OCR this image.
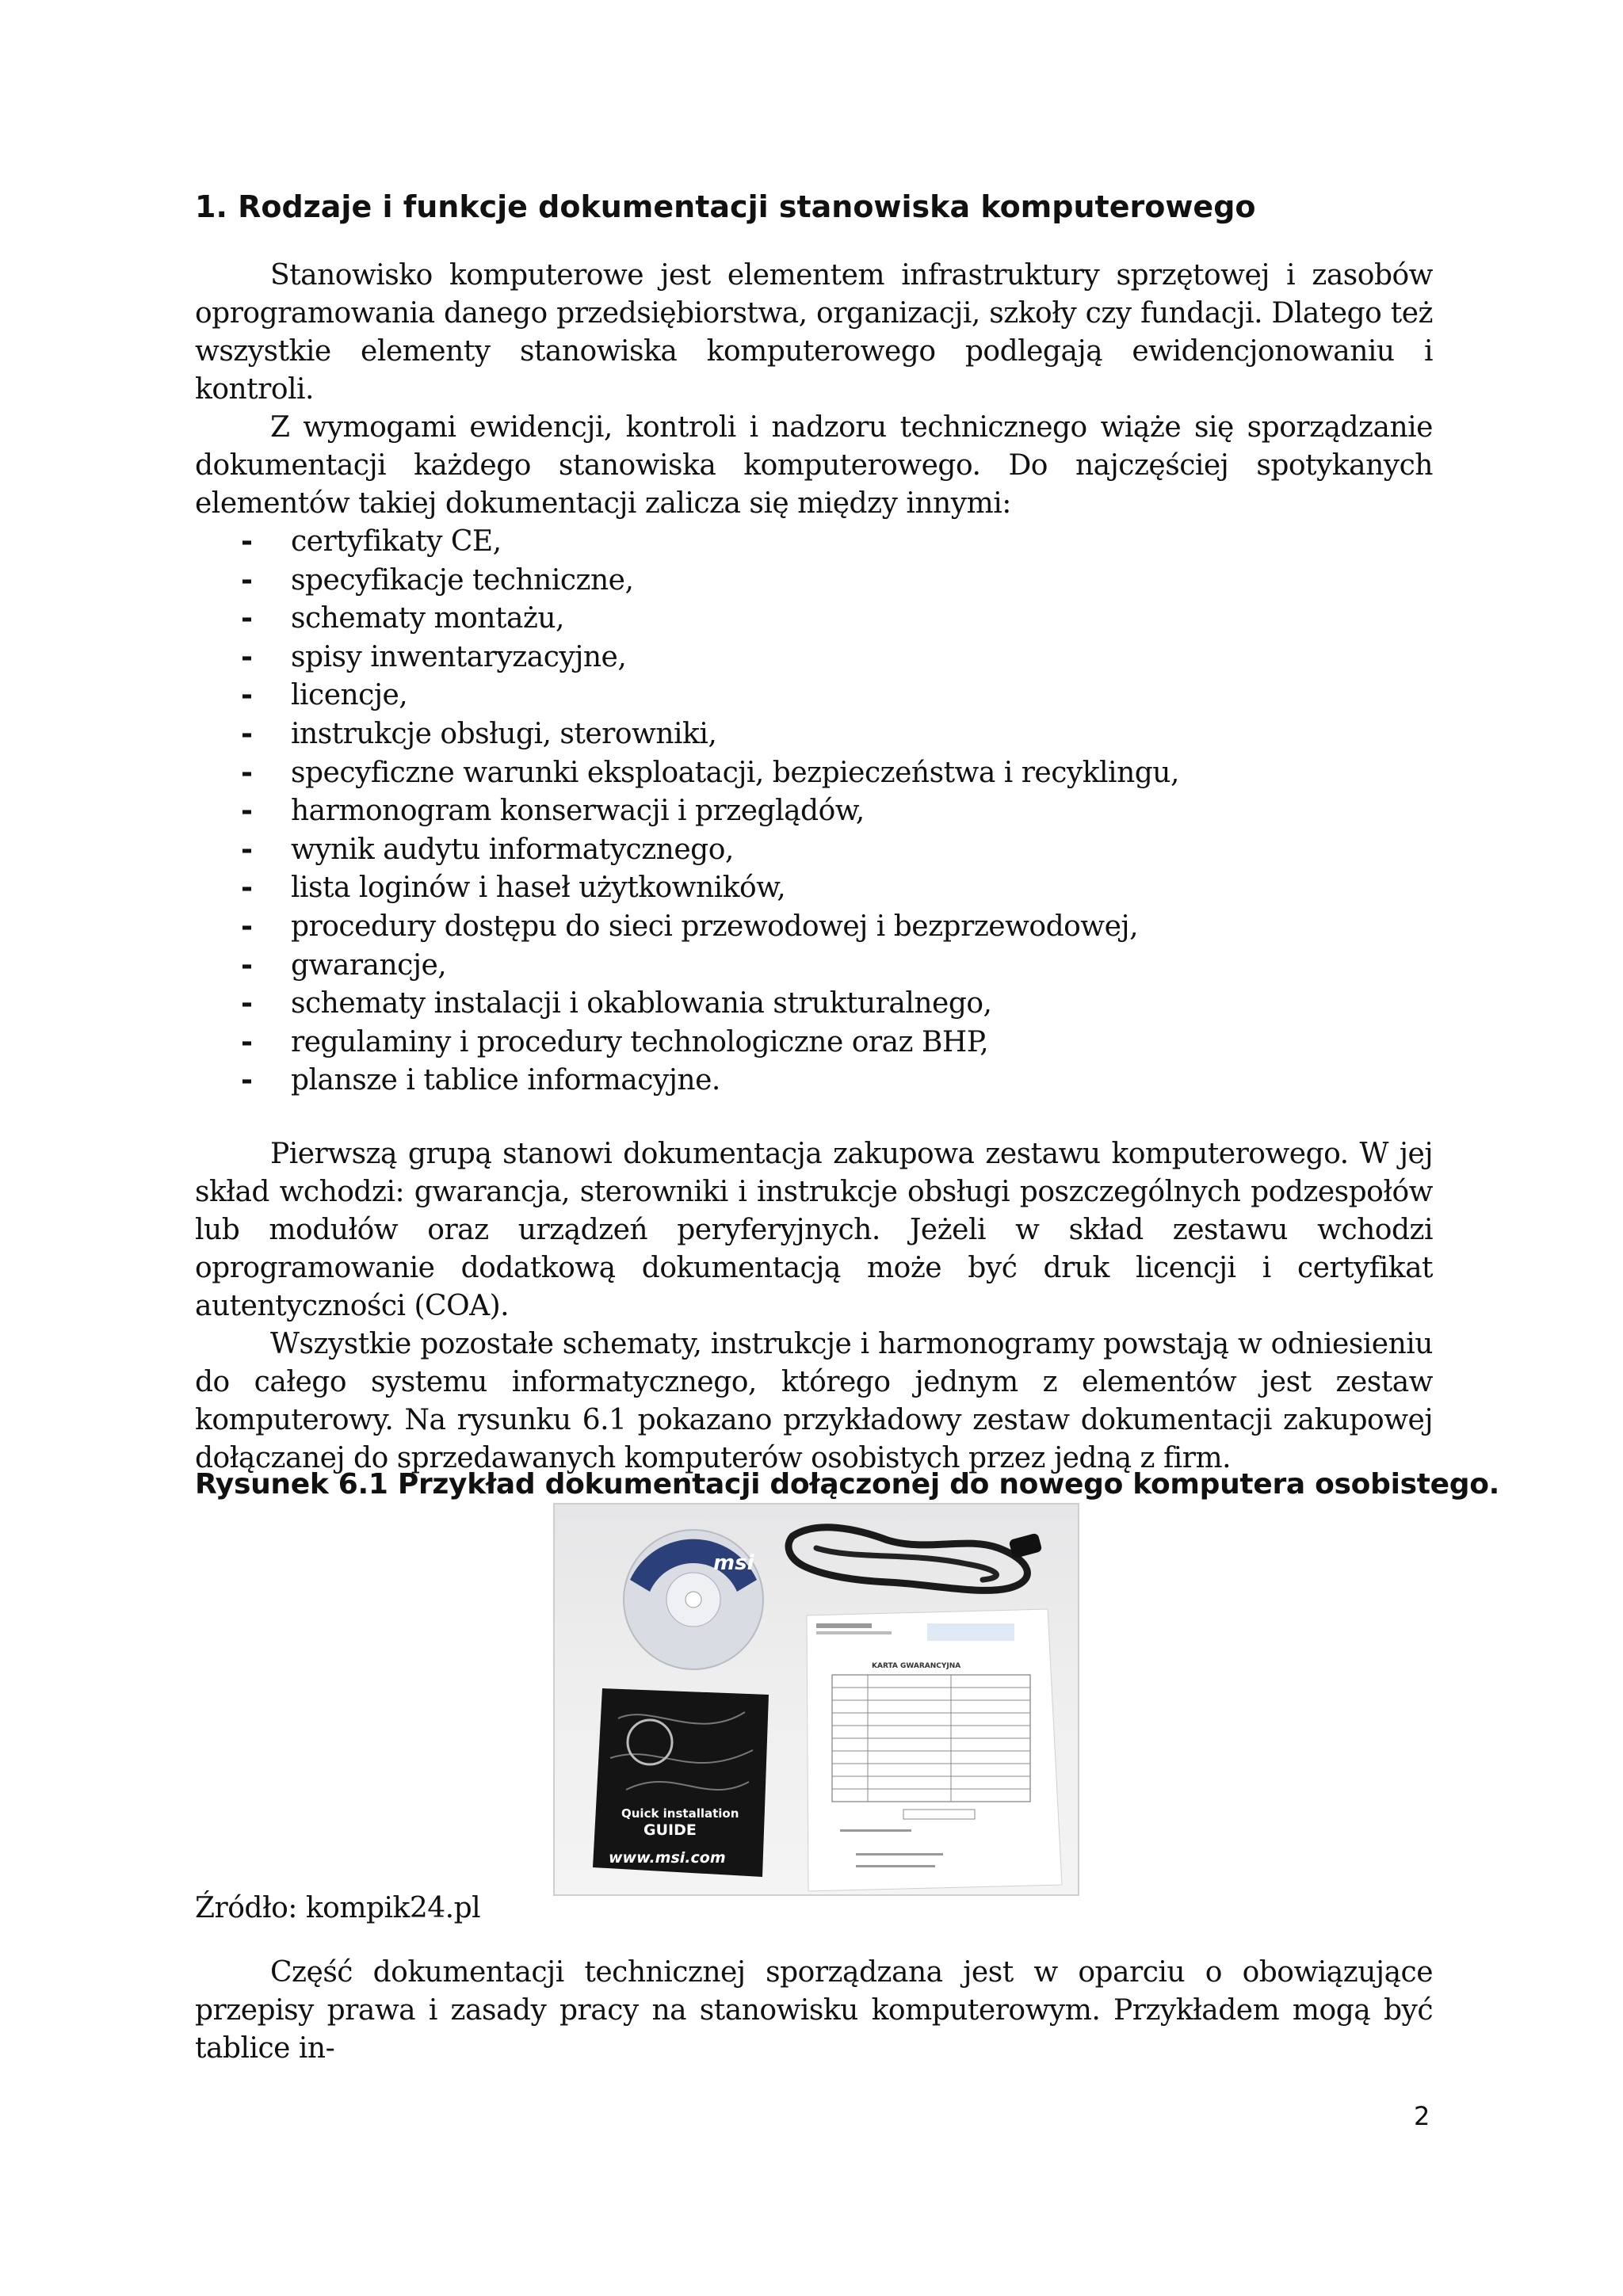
1. Rodzaje i funkcje dokumentacji stanowiska komputerowego

Stanowisko komputerowe jest elementem infrastruktury sprzętowej i zasobów oprogramowania danego przedsiębiorstwa, organizacji, szkoły czy fundacji. Dlatego też wszystkie elementy stanowiska komputerowego podlegają ewidencjonowaniu i kontroli.

Z wymogami ewidencji, kontroli i nadzoru technicznego wiąże się sporządzanie dokumentacji każdego stanowiska komputerowego. Do najczęściej spotykanych elementów takiej dokumentacji zalicza się między innymi:

- certyfikaty CE,
- specyfikacje techniczne,
- schematy montażu,
- spisy inwentaryzacyjne,
- licencje,
- instrukcje obsługi, sterowniki,
- specyficzne warunki eksploatacji, bezpieczeństwa i recyklingu,
- harmonogram konserwacji i przeglądów,
- wynik audytu informatycznego,
- lista loginów i haseł użytkowników,
- procedury dostępu do sieci przewodowej i bezprzewodowej,
- gwarancje,
- schematy instalacji i okablowania strukturalnego,
- regulaminy i procedury technologiczne oraz BHP,
- plansze i tablice informacyjne.

Pierwszą grupą stanowi dokumentacja zakupowa zestawu komputerowego. W jej skład wchodzi: gwarancja, sterowniki i instrukcje obsługi poszczególnych podzespołów lub modułów oraz urządzeń peryferyjnych. Jeżeli w skład zestawu wchodzi oprogramowanie dodatkową dokumentacją może być druk licencji i certyfikat autentyczności (COA).

Wszystkie pozostałe schematy, instrukcje i harmonogramy powstają w odniesieniu do całego systemu informatycznego, którego jednym z elementów jest zestaw komputerowy. Na rysunku 6.1 pokazano przykładowy zestaw dokumentacji zakupowej dołączanej do sprzedawanych komputerów osobistych przez jedną z firm.

Rysunek 6.1 Przykład dokumentacji dołączonej do nowego komputera osobistego.

msi
Quick installation
GUIDE
www.msi.com
KARTA GWARANCYJNA
Źródło: kompik24.pl

Część dokumentacji technicznej sporządzana jest w oparciu o obowiązujące przepisy prawa i zasady pracy na stanowisku komputerowym. Przykładem mogą być tablice in-

2
